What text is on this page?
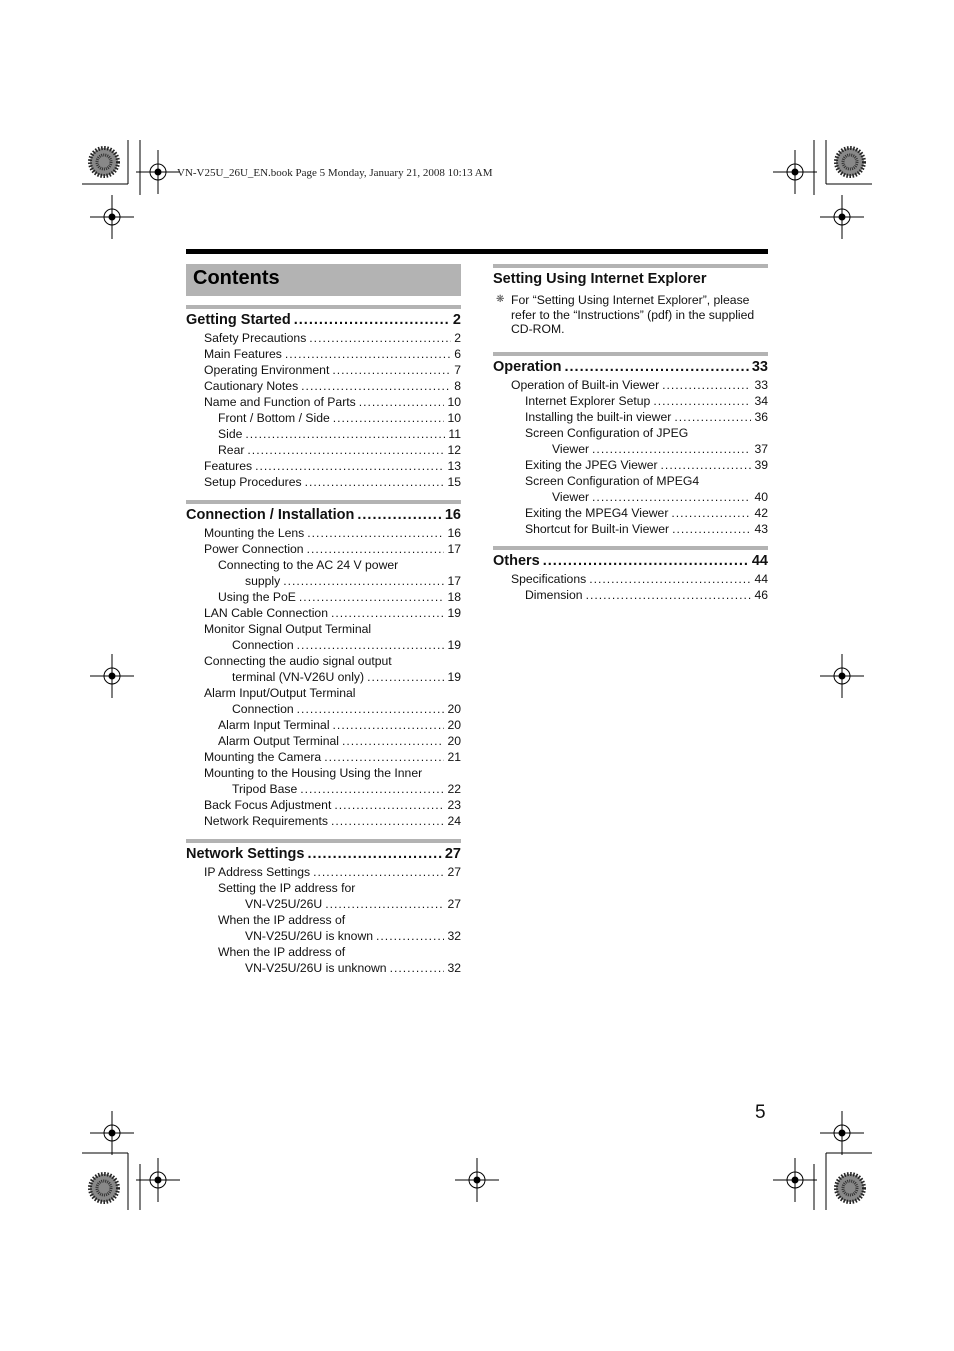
VN-V25U_26U_EN.book Page 5 Monday, January 21, 2008 10:13 AM
Contents
Getting Started .....	2
Safety Precautions .....	2
Main Features .....	6
Operating Environment .....	7
Cautionary Notes .....	8
Name and Function of Parts .....	10
Front / Bottom / Side .....	10
Side .....	11
Rear .....	12
Features .....	13
Setup Procedures .....	15
Connection / Installation .....	16
Mounting the Lens .....	16
Power Connection .....	17
Connecting to the AC 24 V power
supply .....	17
Using the PoE .....	18
LAN Cable Connection .....	19
Monitor Signal Output Terminal
Connection .....	19
Connecting the audio signal output
terminal (VN-V26U only) .....	19
Alarm Input/Output Terminal
Connection .....	20
Alarm Input Terminal .....	20
Alarm Output Terminal .....	20
Mounting the Camera .....	21
Mounting to the Housing Using the Inner
Tripod Base .....	22
Back Focus Adjustment .....	23
Network Requirements .....	24
Network Settings .....	27
IP Address Settings .....	27
Setting the IP address for
VN-V25U/26U .....	27
When the IP address of
VN-V25U/26U is known .....	32
When the IP address of
VN-V25U/26U is unknown .....	32
Setting Using Internet Explorer
❋ For “Setting Using Internet Explorer”, please
refer to the “Instructions” (pdf) in the supplied
CD-ROM.
Operation .....	33
Operation of Built-in Viewer .....	33
Internet Explorer Setup .....	34
Installing the built-in viewer .....	36
Screen Configuration of JPEG
Viewer .....	37
Exiting the JPEG Viewer .....	39
Screen Configuration of MPEG4
Viewer .....	40
Exiting the MPEG4 Viewer .....	42
Shortcut for Built-in Viewer .....	43
Others .....	44
Specifications .....	44
Dimension .....	46
5
